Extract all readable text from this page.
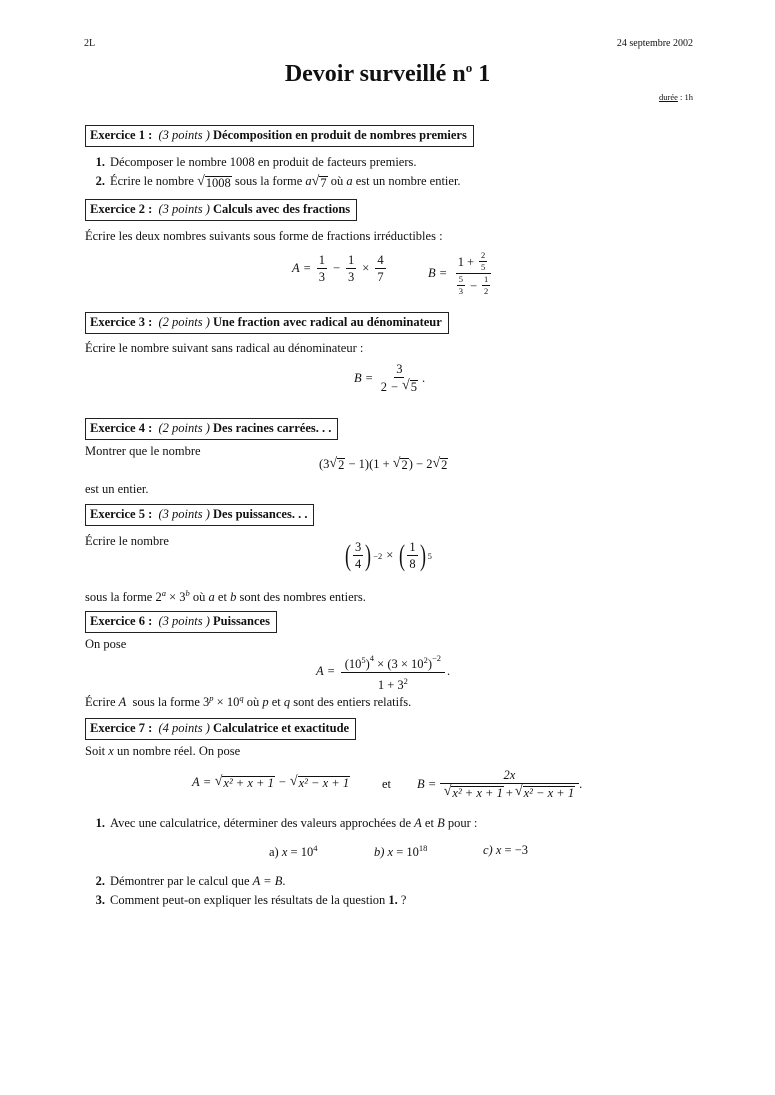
2L	24 septembre 2002
Devoir surveillé $n^o$ 1
durée : 1h
Exercice 1 : (3 points ) Décomposition en produit de nombres premiers
1. Décomposer le nombre 1008 en produit de facteurs premiers.
2. Écrire le nombre √ 1008 sous la forme a √ 7 où a est un nombre entier.
Exercice 2 : (3 points ) Calculs avec des fractions
Écrire les deux nombres suivants sous forme de fractions irréductibles :
$A = \frac{1}{3} - \frac{1}{3} \times \frac{4}{7}$	$B = \frac{1 + \frac{2}{5}}{\frac{5}{3} - \frac{1}{2}}$
Exercice 3 : (2 points ) Une fraction avec radical au dénominateur
Écrire le nombre suivant sans radical au dénominateur :
$B = \frac{3}{2 - √ 5}$ .
Exercice 4 : (2 points ) Des racines carrées. . .
Montrer que le nombre
(3 √ 2 − 1)(1 + √ 2 ) − 2 √ 2
est un entier.
Exercice 5 : (3 points ) Des puissances. . .
Écrire le nombre	( $\frac{3}{4}$ ) −2 × ( $\frac{1}{8}$ ) 5
sous la forme $2^a \times 3^b$ où a et b sont des nombres entiers.
Exercice 6 : (3 points ) Puissances
On pose
$A = \frac{(10^5)^4 \times (3 \times 10^2)^{-2}}{1 + 3^2}$ .
Écrire A  sous la forme $3^p \times 10^q$ où p et q sont des entiers relatifs.
Exercice 7 : (4 points ) Calculatrice et exactitude
Soit x un nombre réel. On pose
A = √ x² + x + 1 − √ x² − x + 1	et $B = \frac{2x}{\text{√ x² + x + 1 + √ x² − x + 1}}$ .
1. Avec une calculatrice, déterminer des valeurs approchées de A et B pour :
a) $x = 10^4$	b) $x = 10^{18}$	c) x = −3
2. Démontrer par le calcul que A = B.
3. Comment peut-on expliquer les résultats de la question 1. ?
